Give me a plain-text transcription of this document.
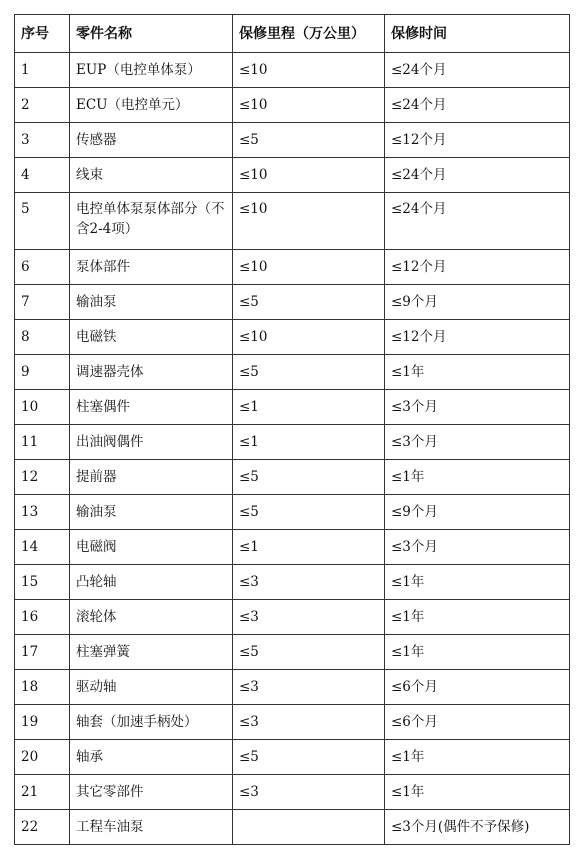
序号	零件名称	保修里程（万公里）	保修时间
1	EUP（电控单体泵）	≤10	≤24个月
2	ECU（电控单元）	≤10	≤24个月
3	传感器	≤5	≤12个月
4	线束	≤10	≤24个月
5	电控单体泵泵体部分（不含2-4项）	≤10	≤24个月
6	泵体部件	≤10	≤12个月
7	输油泵	≤5	≤9个月
8	电磁铁	≤10	≤12个月
9	调速器壳体	≤5	≤1年
10	柱塞偶件	≤1	≤3个月
11	出油阀偶件	≤1	≤3个月
12	提前器	≤5	≤1年
13	输油泵	≤5	≤9个月
14	电磁阀	≤1	≤3个月
15	凸轮轴	≤3	≤1年
16	滚轮体	≤3	≤1年
17	柱塞弹簧	≤5	≤1年
18	驱动轴	≤3	≤6个月
19	轴套（加速手柄处）	≤3	≤6个月
20	轴承	≤5	≤1年
21	其它零部件	≤3	≤1年
22	工程车油泵		≤3个月(偶件不予保修)
